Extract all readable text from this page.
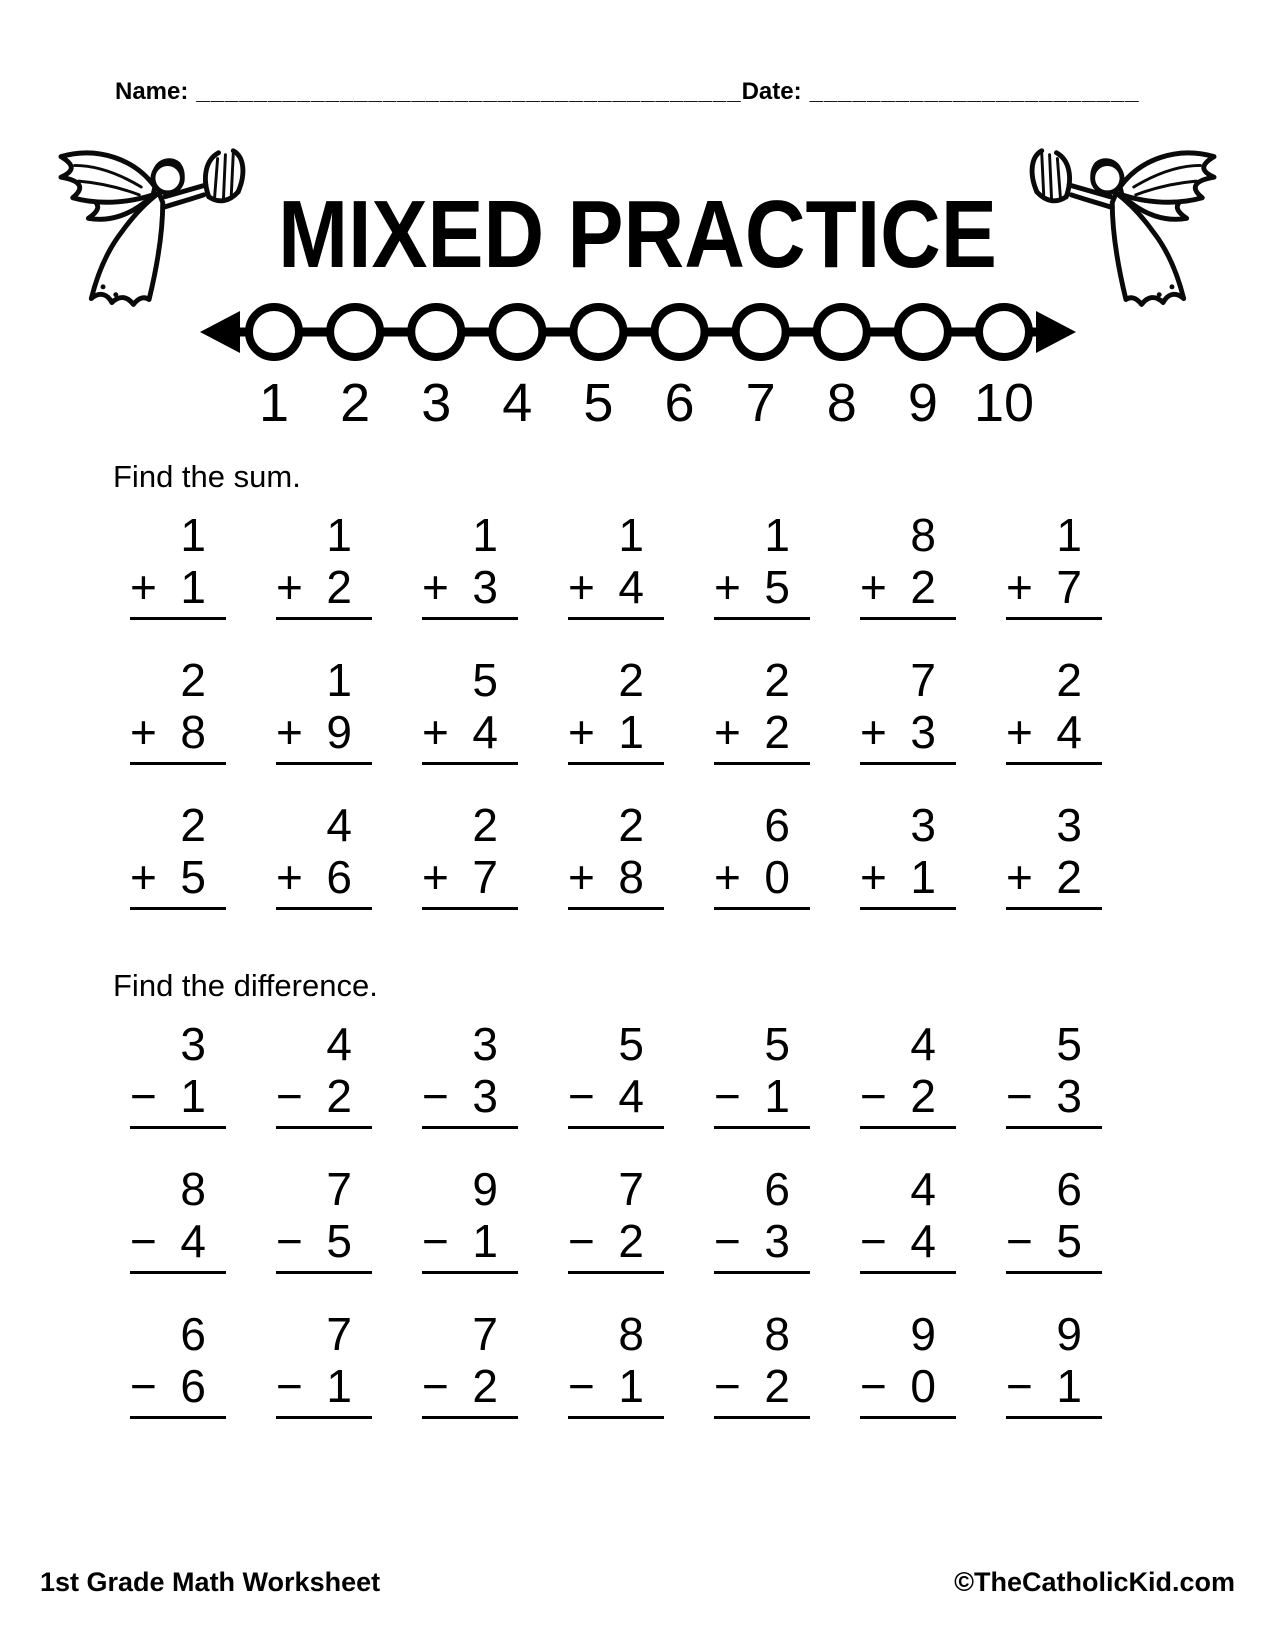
Name: ______________________________________ Date: _______________________
MIXED PRACTICE
1 2 3 4 5 6 7 8 9 10
Find the sum.
1
+ 1
1
+ 2
1
+ 3
1
+ 4
1
+ 5
8
+ 2
1
+ 7
2
+ 8
1
+ 9
5
+ 4
2
+ 1
2
+ 2
7
+ 3
2
+ 4
2
+ 5
4
+ 6
2
+ 7
2
+ 8
6
+ 0
3
+ 1
3
+ 2
Find the difference.
3
− 1
4
− 2
3
− 3
5
− 4
5
− 1
4
− 2
5
− 3
8
− 4
7
− 5
9
− 1
7
− 2
6
− 3
4
− 4
6
− 5
6
− 6
7
− 1
7
− 2
8
− 1
8
− 2
9
− 0
9
− 1
1st Grade Math Worksheet	©TheCatholicKid.com
